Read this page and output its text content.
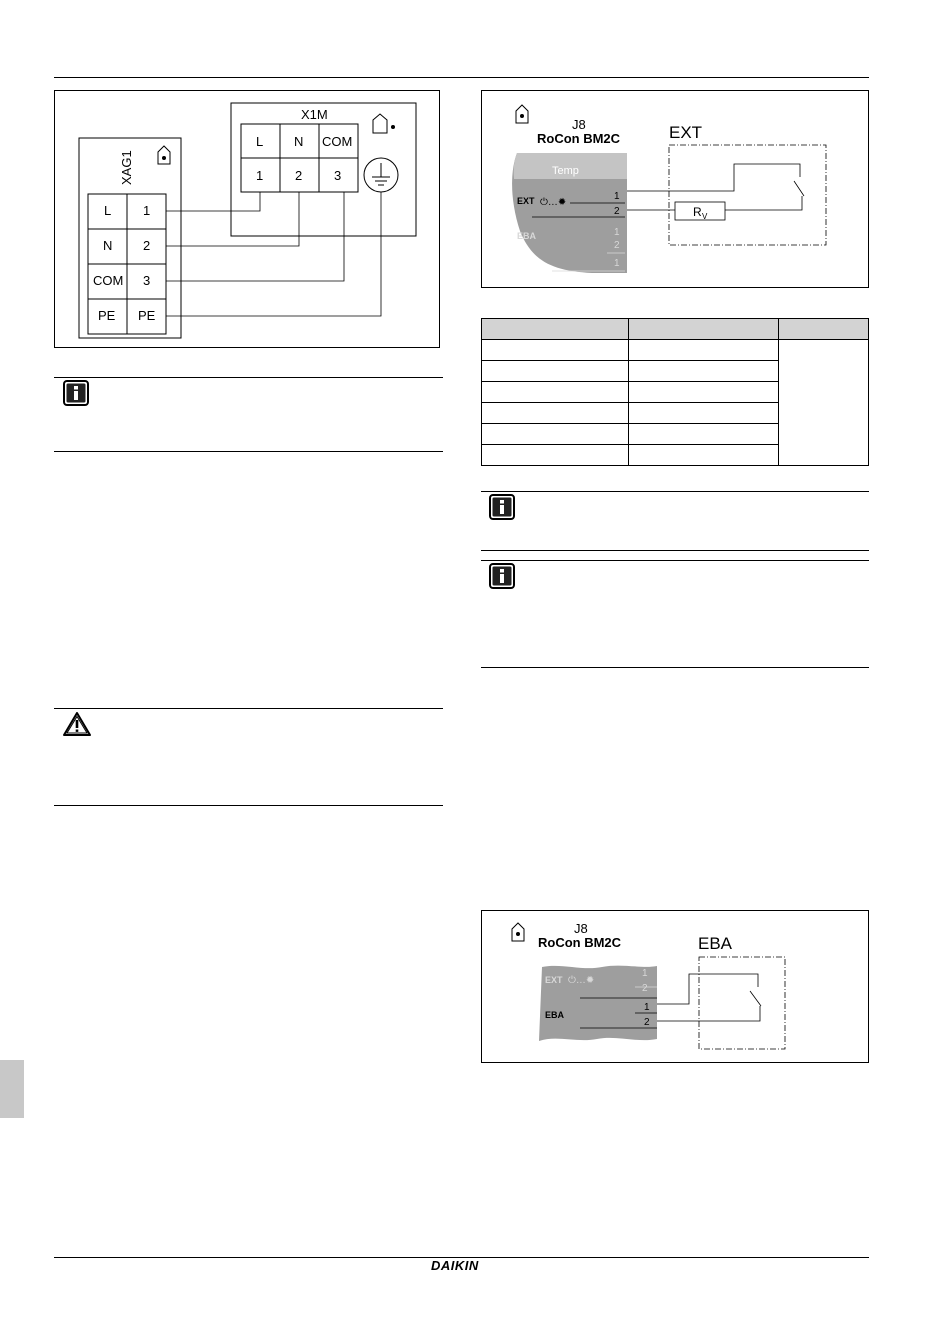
X1M
L N COM
1 2 3
XAG1
L 1
N 2
COM 3
PE PE
J8
RoCon BM2C
Temp
EXT ⏻…✹
EBA
1
2
1
2
1
EXT
R V

J8
RoCon BM2C
EXT ⏻…✹
1
2
EBA
1
2
EBA
DAIKIN
